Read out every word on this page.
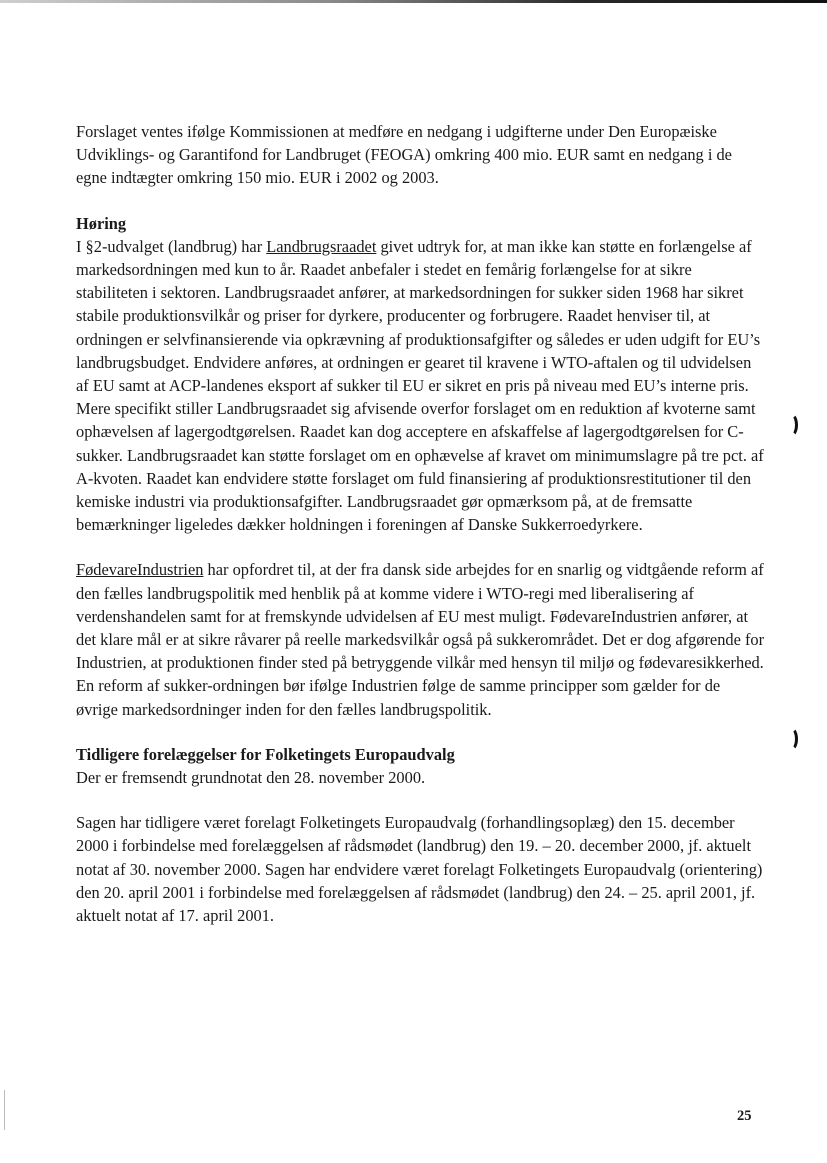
Forslaget ventes ifølge Kommissionen at medføre en nedgang i udgifterne under Den Europæiske Udviklings- og Garantifond for Landbruget (FEOGA) omkring 400 mio. EUR samt en nedgang i de egne indtægter omkring 150 mio. EUR i 2002 og 2003.

Høring

I §2-udvalget (landbrug) har Landbrugsraadet givet udtryk for, at man ikke kan støtte en forlængelse af markedsordningen med kun to år. Raadet anbefaler i stedet en femårig forlængelse for at sikre stabiliteten i sektoren. Landbrugsraadet anfører, at markedsordningen for sukker siden 1968 har sikret stabile produktionsvilkår og priser for dyrkere, producenter og forbrugere. Raadet henviser til, at ordningen er selvfinansierende via opkrævning af produktionsafgifter og således er uden udgift for EU’s landbrugsbudget. Endvidere anføres, at ordningen er gearet til kravene i WTO-aftalen og til udvidelsen af EU samt at ACP-landenes eksport af sukker til EU er sikret en pris på niveau med EU’s interne pris. Mere specifikt stiller Landbrugsraadet sig afvisende overfor forslaget om en reduktion af kvoterne samt ophævelsen af lagergodtgørelsen. Raadet kan dog acceptere en afskaffelse af lagergodtgørelsen for C-sukker. Landbrugsraadet kan støtte forslaget om en ophævelse af kravet om minimumslagre på tre pct. af A-kvoten. Raadet kan endvidere støtte forslaget om fuld finansiering af produktionsrestitutioner til den kemiske industri via produktionsafgifter. Landbrugsraadet gør opmærksom på, at de fremsatte bemærkninger ligeledes dækker holdningen i foreningen af Danske Sukkerroedyrkere.

FødevareIndustrien har opfordret til, at der fra dansk side arbejdes for en snarlig og vidtgående reform af den fælles landbrugspolitik med henblik på at komme videre i WTO-regi med liberalisering af verdenshandelen samt for at fremskynde udvidelsen af EU mest muligt. FødevareIndustrien anfører, at det klare mål er at sikre råvarer på reelle markedsvilkår også på sukkerområdet. Det er dog afgørende for Industrien, at produktionen finder sted på betryggende vilkår med hensyn til miljø og fødevaresikkerhed. En reform af sukker-ordningen bør ifølge Industrien følge de samme principper som gælder for de øvrige markedsordninger inden for den fælles landbrugspolitik.

Tidligere forelæggelser for Folketingets Europaudvalg

Der er fremsendt grundnotat den 28. november 2000.

Sagen har tidligere været forelagt Folketingets Europaudvalg (forhandlingsoplæg) den 15. december 2000 i forbindelse med forelæggelsen af rådsmødet (landbrug) den 19. – 20. december 2000, jf. aktuelt notat af 30. november 2000. Sagen har endvidere været forelagt Folketingets Europaudvalg (orientering) den 20. april 2001 i forbindelse med forelæggelsen af rådsmødet (landbrug) den 24. – 25. april 2001, jf. aktuelt notat af 17. april 2001.

25
